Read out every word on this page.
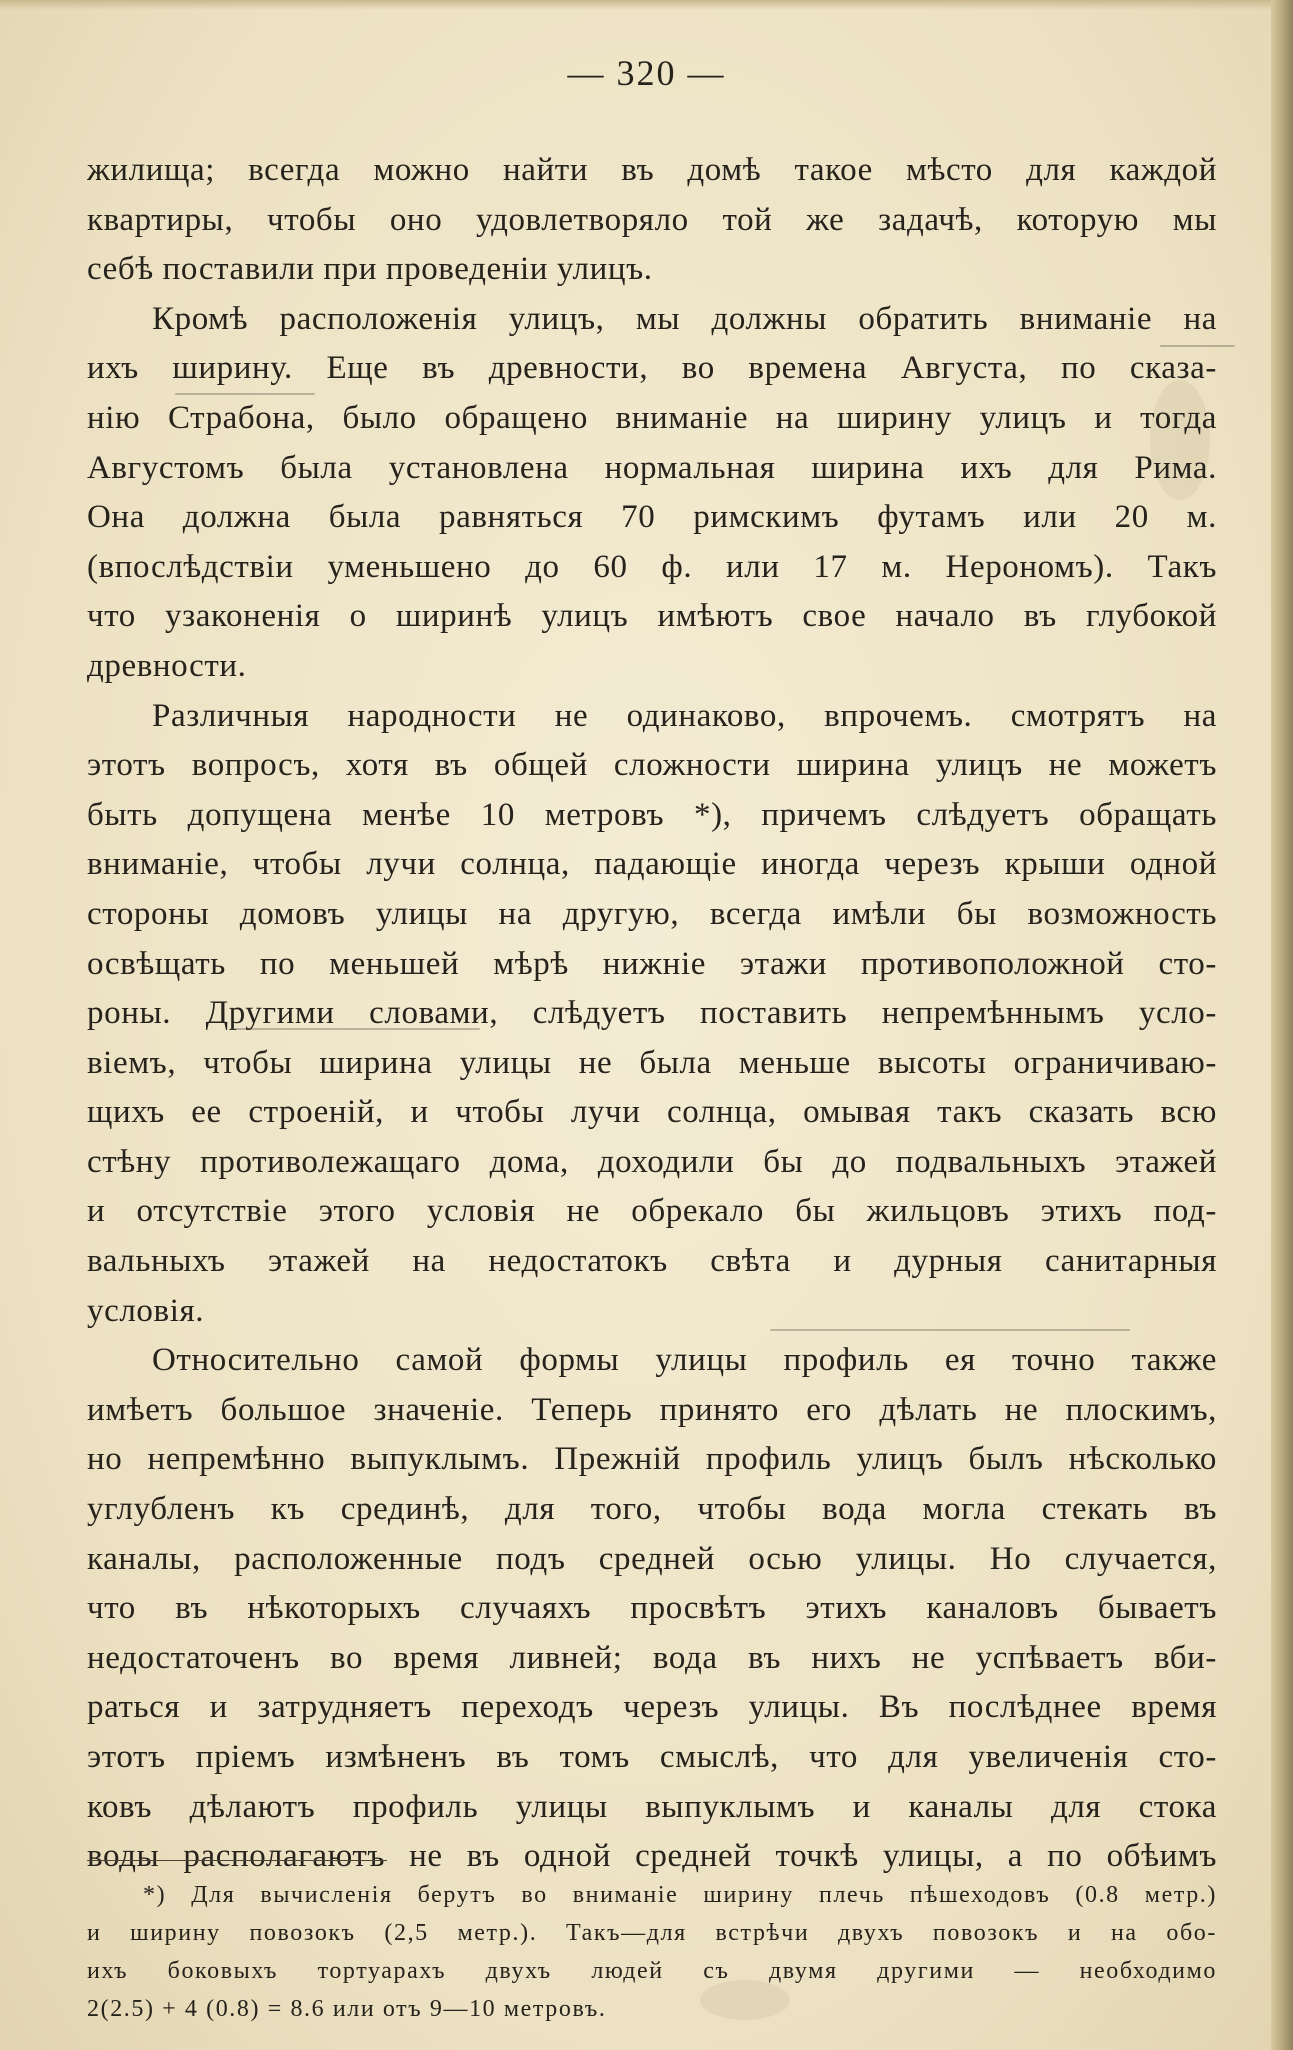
— 320 —
жилища; всегда можно найти въ домѣ такое мѣсто для каждой
квартиры, чтобы оно удовлетворяло той же задачѣ, которую мы
себѣ поставили при проведенiи улицъ.
Кромѣ расположенiя улицъ, мы должны обратить вниманiе на
ихъ ширину. Еще въ древности, во времена Августа, по сказа-
нiю Страбона, было обращено вниманiе на ширину улицъ и тогда
Августомъ была установлена нормальная ширина ихъ для Рима.
Она должна была равняться 70 римскимъ футамъ или 20 м.
(впослѣдствiи уменьшено до 60 ф. или 17 м. Нерономъ). Такъ
что узаконенiя о ширинѣ улицъ имѣютъ свое начало въ глубокой
древности.
Различныя народности не одинаково, впрочемъ. смотрятъ на
этотъ вопросъ, хотя въ общей сложности ширина улицъ не можетъ
быть допущена менѣе 10 метровъ *), причемъ слѣдуетъ обращать
вниманiе, чтобы лучи солнца, падающiе иногда черезъ крыши одной
стороны домовъ улицы на другую, всегда имѣли бы возможность
освѣщать по меньшей мѣрѣ нижнiе этажи противоположной сто-
роны. Другими словами, слѣдуетъ поставить непремѣннымъ усло-
вiемъ, чтобы ширина улицы не была меньше высоты ограничиваю-
щихъ ее строенiй, и чтобы лучи солнца, омывая такъ сказать всю
стѣну противолежащаго дома, доходили бы до подвальныхъ этажей
и отсутствiе этого условiя не обрекало бы жильцовъ этихъ под-
вальныхъ этажей на недостатокъ свѣта и дурныя санитарныя
условiя.
Относительно самой формы улицы профиль ея точно также
имѣетъ большое значенiе. Теперь принято его дѣлать не плоскимъ,
но непремѣнно выпуклымъ. Прежнiй профиль улицъ былъ нѣсколько
углубленъ къ срединѣ, для того, чтобы вода могла стекать въ
каналы, расположенные подъ средней осью улицы. Но случается,
что въ нѣкоторыхъ случаяхъ просвѣтъ этихъ каналовъ бываетъ
недостаточенъ во время ливней; вода въ нихъ не успѣваетъ вби-
раться и затрудняетъ переходъ черезъ улицы. Въ послѣднее время
этотъ прiемъ измѣненъ въ томъ смыслѣ, что для увеличенiя сто-
ковъ дѣлаютъ профиль улицы выпуклымъ и каналы для стока
воды располагаютъ не въ одной средней точкѣ улицы, а по обѣимъ
*) Для вычисленiя берутъ во вниманiе ширину плечь пѣшеходовъ (0.8 метр.)
и ширину повозокъ (2,5 метр.). Такъ—для встрѣчи двухъ повозокъ и на обо-
ихъ боковыхъ тортуарахъ двухъ людей съ двумя другими — необходимо
2(2.5) + 4 (0.8) = 8.6 или отъ 9—10 метровъ.
